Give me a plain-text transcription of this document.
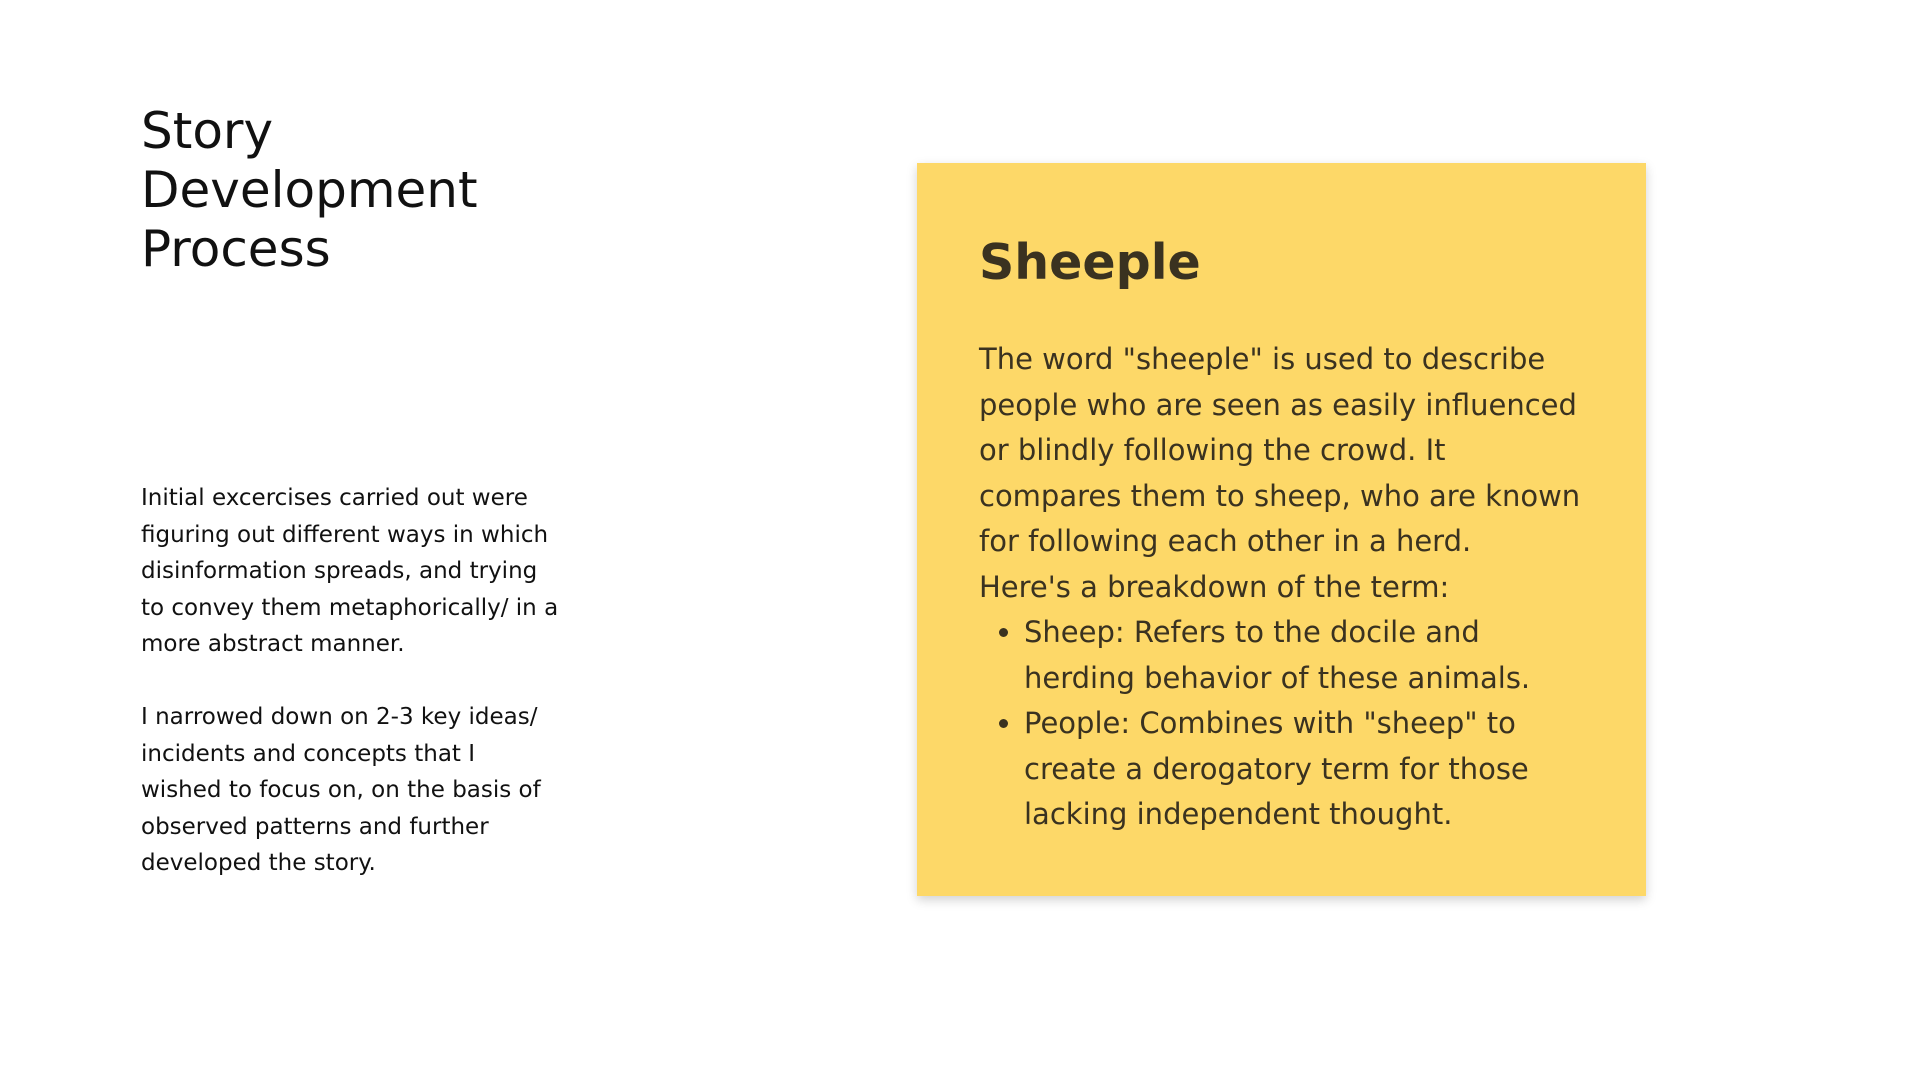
Story
Development
Process

Initial excercises carried out were figuring out different ways in which disinformation spreads, and trying to convey them metaphorically/ in a more abstract manner.

I narrowed down on 2-3 key ideas/ incidents and concepts that I wished to focus on, on the basis of observed patterns and further developed the story.

Sheeple

The word "sheeple" is used to describe people who are seen as easily influenced or blindly following the crowd. It compares them to sheep, who are known for following each other in a herd.

Here's a breakdown of the term:

• Sheep: Refers to the docile and herding behavior of these animals.
• People: Combines with "sheep" to create a derogatory term for those lacking independent thought.
